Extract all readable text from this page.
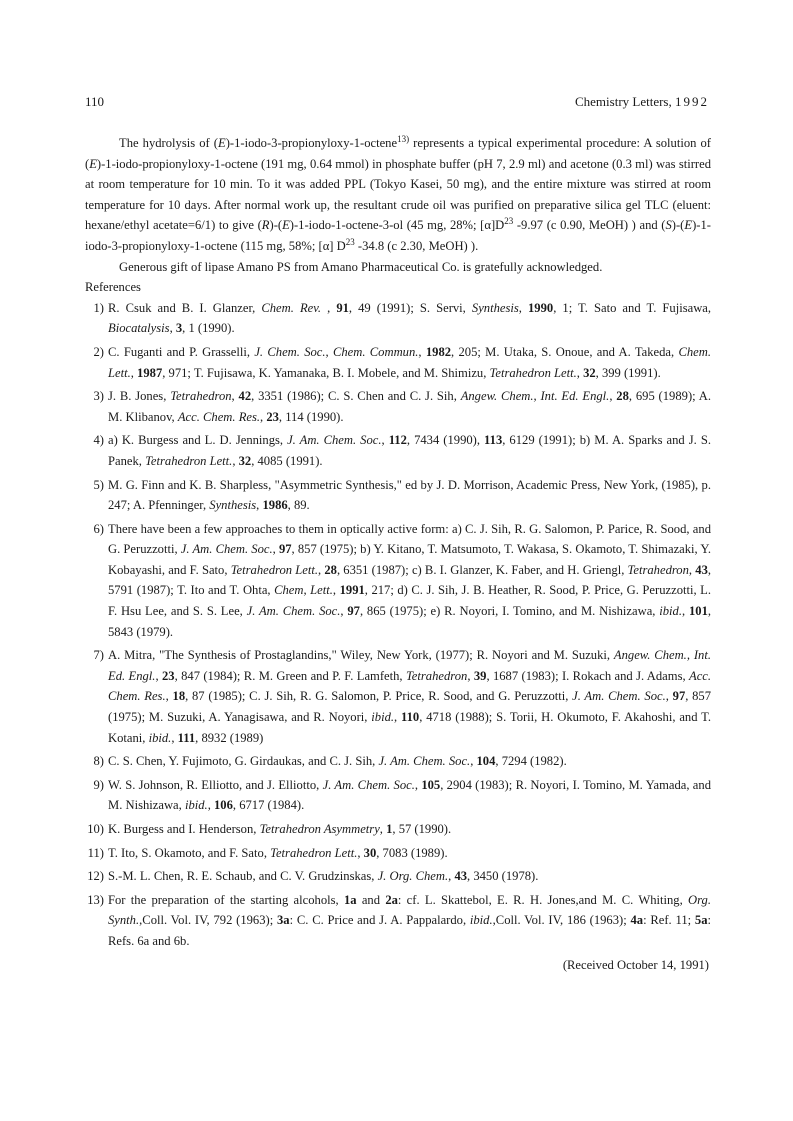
110	Chemistry Letters, 1992

The hydrolysis of (E)-1-iodo-3-propionyloxy-1-octene$^{13)}$ represents a typical experimental procedure: A solution of (E)-1-iodo-propionyloxy-1-octene (191 mg, 0.64 mmol) in phosphate buffer (pH 7, 2.9 ml) and acetone (0.3 ml) was stirred at room temperature for 10 min. To it was added PPL (Tokyo Kasei, 50 mg), and the entire mixture was stirred at room temperature for 10 days. After normal work up, the resultant crude oil was purified on preparative silica gel TLC (eluent: hexane/ethyl acetate=6/1) to give (R)-(E)-1-iodo-1-octene-3-ol (45 mg, 28%; $[\alpha]D^{23}$ -9.97 (c 0.90, MeOH) ) and (S)-(E)-1-iodo-3-propionyloxy-1-octene (115 mg, 58%; [α] $D^{23}$ -34.8 (c 2.30, MeOH) ).

Generous gift of lipase Amano PS from Amano Pharmaceutical Co. is gratefully acknowledged.

References

1) R. Csuk and B. I. Glanzer, Chem. Rev. , 91, 49 (1991); S. Servi, Synthesis, 1990, 1; T. Sato and T. Fujisawa, Biocatalysis, 3, 1 (1990).
2) C. Fuganti and P. Grasselli, J. Chem. Soc., Chem. Commun., 1982, 205; M. Utaka, S. Onoue, and A. Takeda, Chem. Lett., 1987, 971; T. Fujisawa, K. Yamanaka, B. I. Mobele, and M. Shimizu, Tetrahedron Lett., 32, 399 (1991).
3) J. B. Jones, Tetrahedron, 42, 3351 (1986); C. S. Chen and C. J. Sih, Angew. Chem., Int. Ed. Engl., 28, 695 (1989); A. M. Klibanov, Acc. Chem. Res., 23, 114 (1990).
4) a) K. Burgess and L. D. Jennings, J. Am. Chem. Soc., 112, 7434 (1990), 113, 6129 (1991); b) M. A. Sparks and J. S. Panek, Tetrahedron Lett., 32, 4085 (1991).
5) M. G. Finn and K. B. Sharpless, "Asymmetric Synthesis," ed by J. D. Morrison, Academic Press, New York, (1985), p. 247; A. Pfenninger, Synthesis, 1986, 89.
6) There have been a few approaches to them in optically active form: a) C. J. Sih, R. G. Salomon, P. Parice, R. Sood, and G. Peruzzotti, J. Am. Chem. Soc., 97, 857 (1975); b) Y. Kitano, T. Matsumoto, T. Wakasa, S. Okamoto, T. Shimazaki, Y. Kobayashi, and F. Sato, Tetrahedron Lett., 28, 6351 (1987); c) B. I. Glanzer, K. Faber, and H. Griengl, Tetrahedron, 43, 5791 (1987); T. Ito and T. Ohta, Chem, Lett., 1991, 217; d) C. J. Sih, J. B. Heather, R. Sood, P. Price, G. Peruzzotti, L. F. Hsu Lee, and S. S. Lee, J. Am. Chem. Soc., 97, 865 (1975); e) R. Noyori, I. Tomino, and M. Nishizawa, ibid., 101, 5843 (1979).
7) A. Mitra, "The Synthesis of Prostaglandins," Wiley, New York, (1977); R. Noyori and M. Suzuki, Angew. Chem., Int. Ed. Engl., 23, 847 (1984); R. M. Green and P. F. Lamfeth, Tetrahedron, 39, 1687 (1983); I. Rokach and J. Adams, Acc. Chem. Res., 18, 87 (1985); C. J. Sih, R. G. Salomon, P. Price, R. Sood, and G. Peruzzotti, J. Am. Chem. Soc., 97, 857 (1975); M. Suzuki, A. Yanagisawa, and R. Noyori, ibid., 110, 4718 (1988); S. Torii, H. Okumoto, F. Akahoshi, and T. Kotani, ibid., 111, 8932 (1989)
8) C. S. Chen, Y. Fujimoto, G. Girdaukas, and C. J. Sih, J. Am. Chem. Soc., 104, 7294 (1982).
9) W. S. Johnson, R. Elliotto, and J. Elliotto, J. Am. Chem. Soc., 105, 2904 (1983); R. Noyori, I. Tomino, M. Yamada, and M. Nishizawa, ibid., 106, 6717 (1984).
10) K. Burgess and I. Henderson, Tetrahedron Asymmetry, 1, 57 (1990).
11) T. Ito, S. Okamoto, and F. Sato, Tetrahedron Lett., 30, 7083 (1989).
12) S.-M. L. Chen, R. E. Schaub, and C. V. Grudzinskas, J. Org. Chem., 43, 3450 (1978).
13) For the preparation of the starting alcohols, 1a and 2a: cf. L. Skattebol, E. R. H. Jones,and M. C. Whiting, Org. Synth.,Coll. Vol. IV, 792 (1963); 3a: C. C. Price and J. A. Pappalardo, ibid.,Coll. Vol. IV, 186 (1963); 4a: Ref. 11; 5a: Refs. 6a and 6b.

(Received October 14, 1991)
